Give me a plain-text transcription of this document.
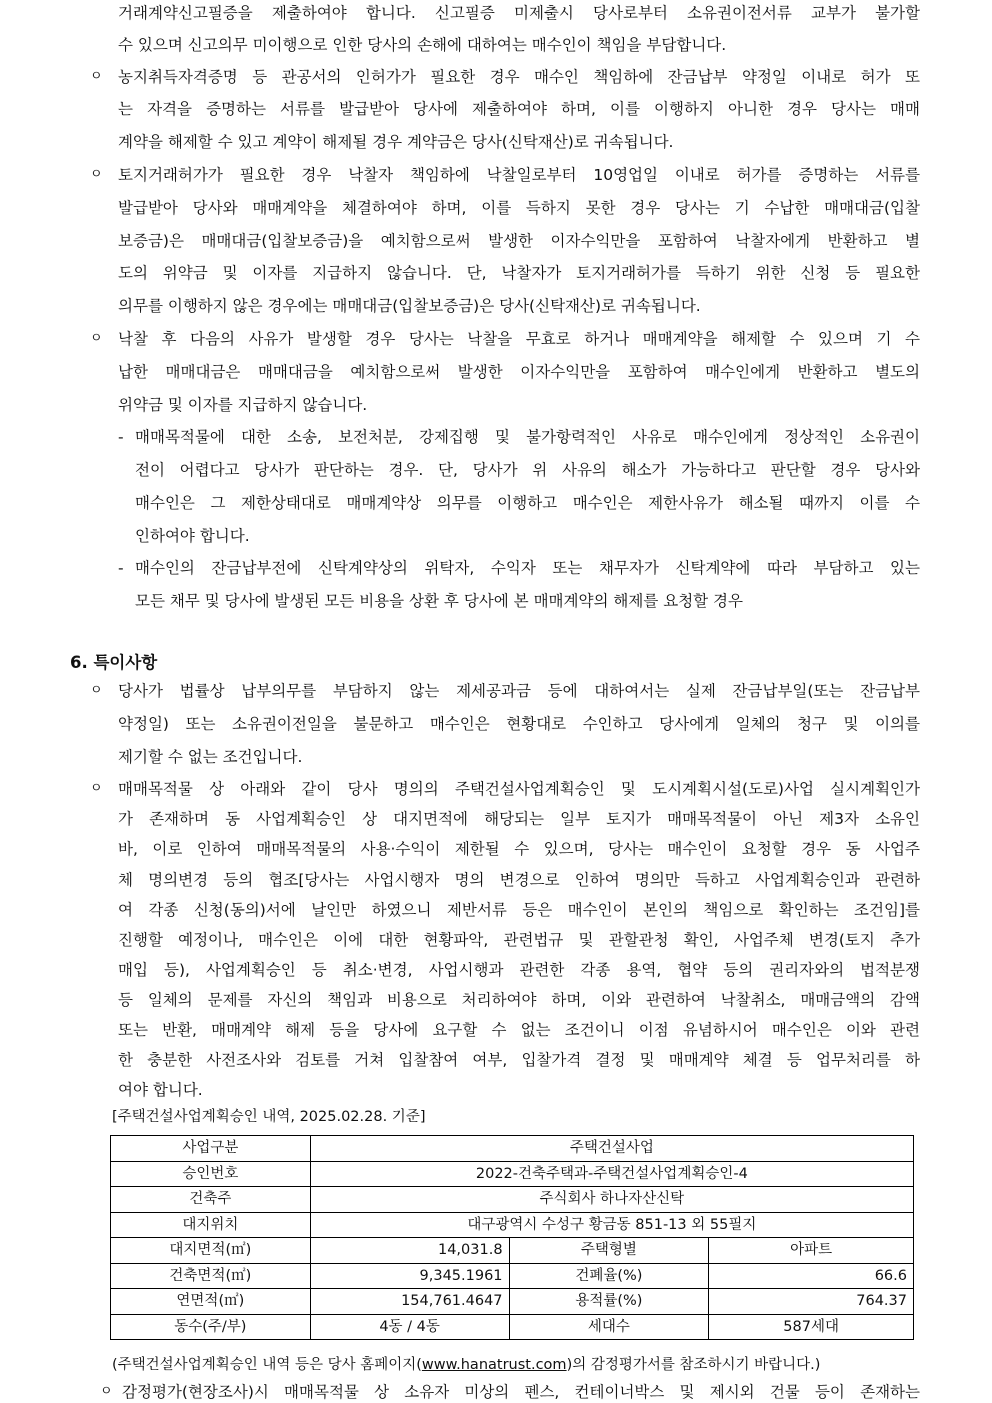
거래계약신고필증을 제출하여야 합니다. 신고필증 미제출시 당사로부터 소유권이전서류 교부가 불가할
수 있으며 신고의무 미이행으로 인한 당사의 손해에 대하여는 매수인이 책임을 부담합니다.
ㅇ 농지취득자격증명 등 관공서의 인허가가 필요한 경우 매수인 책임하에 잔금납부 약정일 이내로 허가 또
는 자격을 증명하는 서류를 발급받아 당사에 제출하여야 하며, 이를 이행하지 아니한 경우 당사는 매매
계약을 해제할 수 있고 계약이 해제될 경우 계약금은 당사(신탁재산)로 귀속됩니다.
ㅇ 토지거래허가가 필요한 경우 낙찰자 책임하에 낙찰일로부터 10영업일 이내로 허가를 증명하는 서류를
발급받아 당사와 매매계약을 체결하여야 하며, 이를 득하지 못한 경우 당사는 기 수납한 매매대금(입찰
보증금)은 매매대금(입찰보증금)을 예치함으로써 발생한 이자수익만을 포함하여 낙찰자에게 반환하고 별
도의 위약금 및 이자를 지급하지 않습니다. 단, 낙찰자가 토지거래허가를 득하기 위한 신청 등 필요한
의무를 이행하지 않은 경우에는 매매대금(입찰보증금)은 당사(신탁재산)로 귀속됩니다.
ㅇ 낙찰 후 다음의 사유가 발생할 경우 당사는 낙찰을 무효로 하거나 매매계약을 해제할 수 있으며 기 수
납한 매매대금은 매매대금을 예치함으로써 발생한 이자수익만을 포함하여 매수인에게 반환하고 별도의
위약금 및 이자를 지급하지 않습니다.
- 매매목적물에 대한 소송, 보전처분, 강제집행 및 불가항력적인 사유로 매수인에게 정상적인 소유권이
전이 어렵다고 당사가 판단하는 경우. 단, 당사가 위 사유의 해소가 가능하다고 판단할 경우 당사와
매수인은 그 제한상태대로 매매계약상 의무를 이행하고 매수인은 제한사유가 해소될 때까지 이를 수
인하여야 합니다.
- 매수인의 잔금납부전에 신탁계약상의 위탁자, 수익자 또는 채무자가 신탁계약에 따라 부담하고 있는
모든 채무 및 당사에 발생된 모든 비용을 상환 후 당사에 본 매매계약의 해제를 요청할 경우
6. 특이사항
ㅇ 당사가 법률상 납부의무를 부담하지 않는 제세공과금 등에 대하여서는 실제 잔금납부일(또는 잔금납부
약정일) 또는 소유권이전일을 불문하고 매수인은 현황대로 수인하고 당사에게 일체의 청구 및 이의를
제기할 수 없는 조건입니다.
ㅇ 매매목적물 상 아래와 같이 당사 명의의 주택건설사업계획승인 및 도시계획시설(도로)사업 실시계획인가
가 존재하며 동 사업계획승인 상 대지면적에 해당되는 일부 토지가 매매목적물이 아닌 제3자 소유인
바, 이로 인하여 매매목적물의 사용·수익이 제한될 수 있으며, 당사는 매수인이 요청할 경우 동 사업주
체 명의변경 등의 협조[당사는 사업시행자 명의 변경으로 인하여 명의만 득하고 사업계획승인과 관련하
여 각종 신청(동의)서에 날인만 하였으니 제반서류 등은 매수인이 본인의 책임으로 확인하는 조건임]를
진행할 예정이나, 매수인은 이에 대한 현황파악, 관련법규 및 관할관청 확인, 사업주체 변경(토지 추가
매입 등), 사업계획승인 등 취소·변경, 사업시행과 관련한 각종 용역, 협약 등의 권리자와의 법적분쟁
등 일체의 문제를 자신의 책임과 비용으로 처리하여야 하며, 이와 관련하여 낙찰취소, 매매금액의 감액
또는 반환, 매매계약 해제 등을 당사에 요구할 수 없는 조건이니 이점 유념하시어 매수인은 이와 관련
한 충분한 사전조사와 검토를 거쳐 입찰참여 여부, 입찰가격 결정 및 매매계약 체결 등 업무처리를 하
여야 합니다.
[주택건설사업계획승인 내역, 2025.02.28. 기준]
사업구분	주택건설사업		
승인번호	2022-건축주택과-주택건설사업계획승인-4		
건축주	주식회사 하나자산신탁		
대지위치	대구광역시 수성구 황금동 851-13 외 55필지		
대지면적(㎡)	14,031.8	주택형별	아파트
건축면적(㎡)	9,345.1961	건폐율(%)	66.6
연면적(㎡)	154,761.4647	용적률(%)	764.37
동수(주/부)	4동 / 4동	세대수	587세대
(주택건설사업계획승인 내역 등은 당사 홈페이지(www.hanatrust.com)의 감정평가서를 참조하시기 바랍니다.)
ㅇ 감정평가(현장조사)시 매매목적물 상 소유자 미상의 펜스, 컨테이너박스 및 제시외 건물 등이 존재하는
